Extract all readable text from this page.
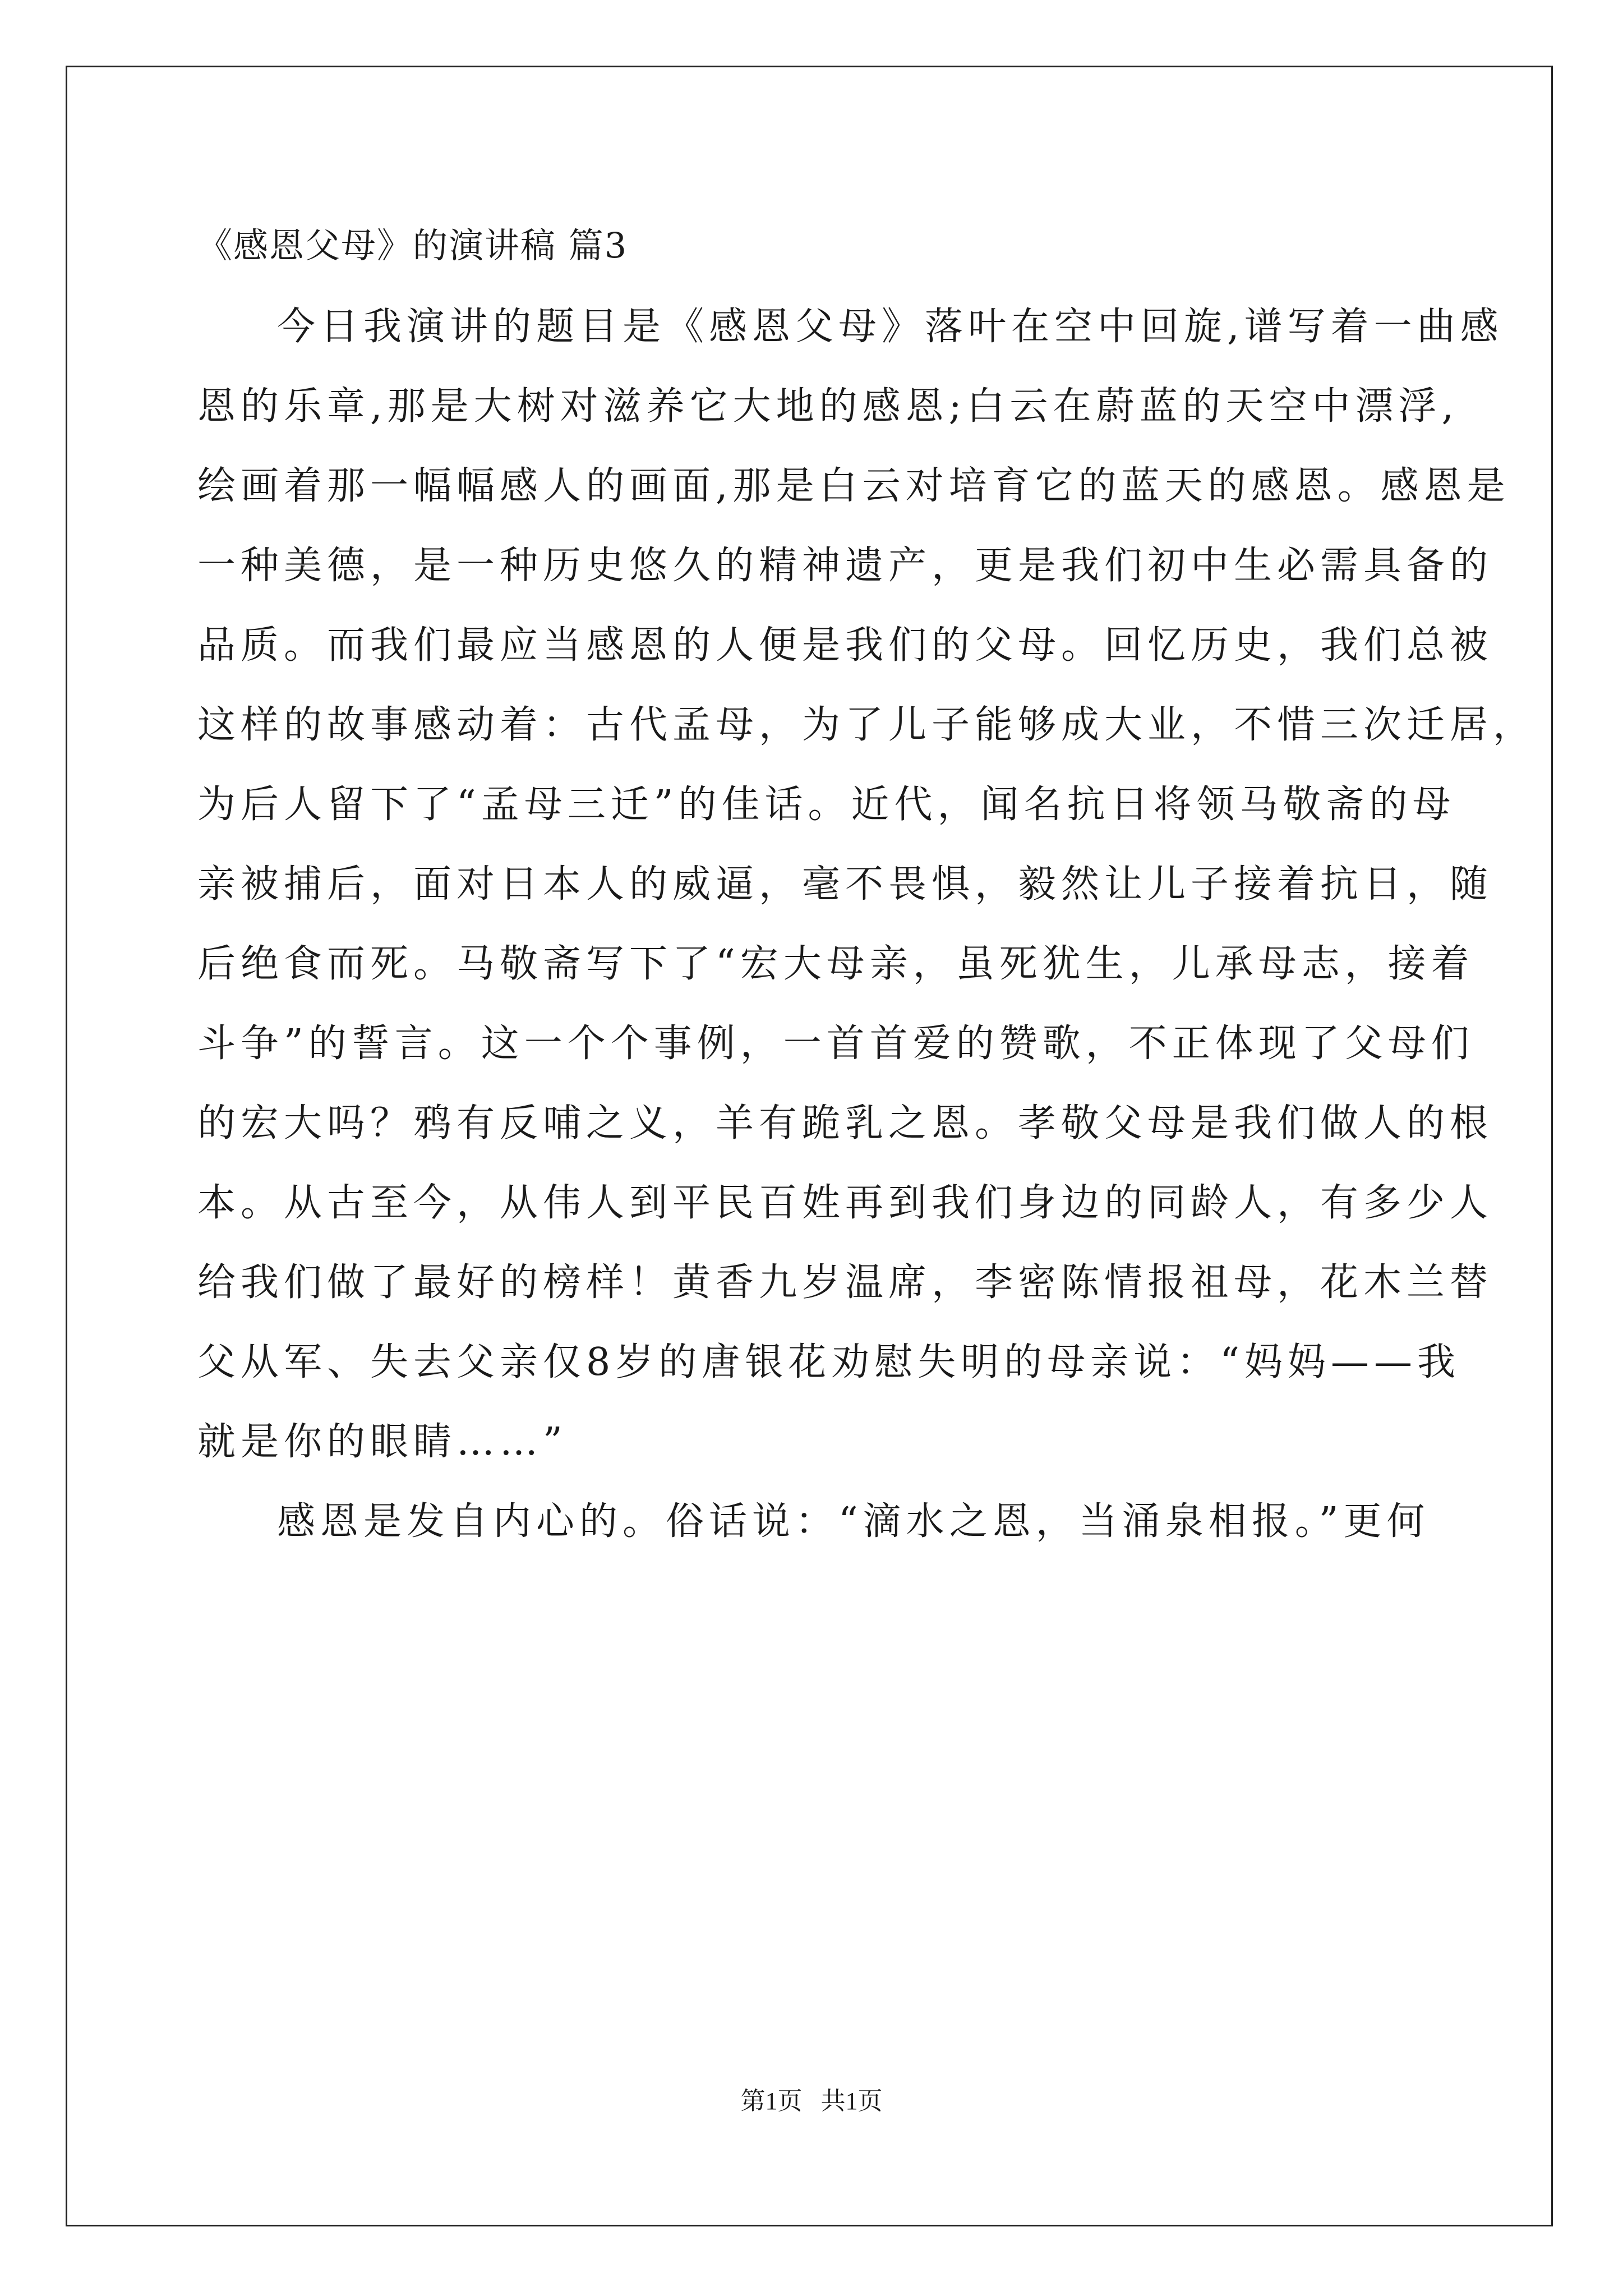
《感恩父母》的演讲稿 篇3
今日我演讲的题目是《感恩父母》落叶在空中回旋,谱写着一曲感
恩的乐章,那是大树对滋养它大地的感恩;白云在蔚蓝的天空中漂浮,
绘画着那一幅幅感人的画面,那是白云对培育它的蓝天的感恩。感恩是
一种美德，是一种历史悠久的精神遗产，更是我们初中生必需具备的
品质。而我们最应当感恩的人便是我们的父母。回忆历史，我们总被
这样的故事感动着：古代孟母，为了儿子能够成大业，不惜三次迁居，
为后人留下了“孟母三迁”的佳话。近代，闻名抗日将领马敬斋的母
亲被捕后，面对日本人的威逼，毫不畏惧，毅然让儿子接着抗日，随
后绝食而死。马敬斋写下了“宏大母亲，虽死犹生，儿承母志，接着
斗争”的誓言。这一个个事例，一首首爱的赞歌，不正体现了父母们
的宏大吗？鸦有反哺之义，羊有跪乳之恩。孝敬父母是我们做人的根
本。从古至今，从伟人到平民百姓再到我们身边的同龄人，有多少人
给我们做了最好的榜样！黄香九岁温席，李密陈情报祖母，花木兰替
父从军、失去父亲仅8岁的唐银花劝慰失明的母亲说：“妈妈——我
就是你的眼睛……”
感恩是发自内心的。俗话说：“滴水之恩，当涌泉相报。”更何
第1页   共1页
